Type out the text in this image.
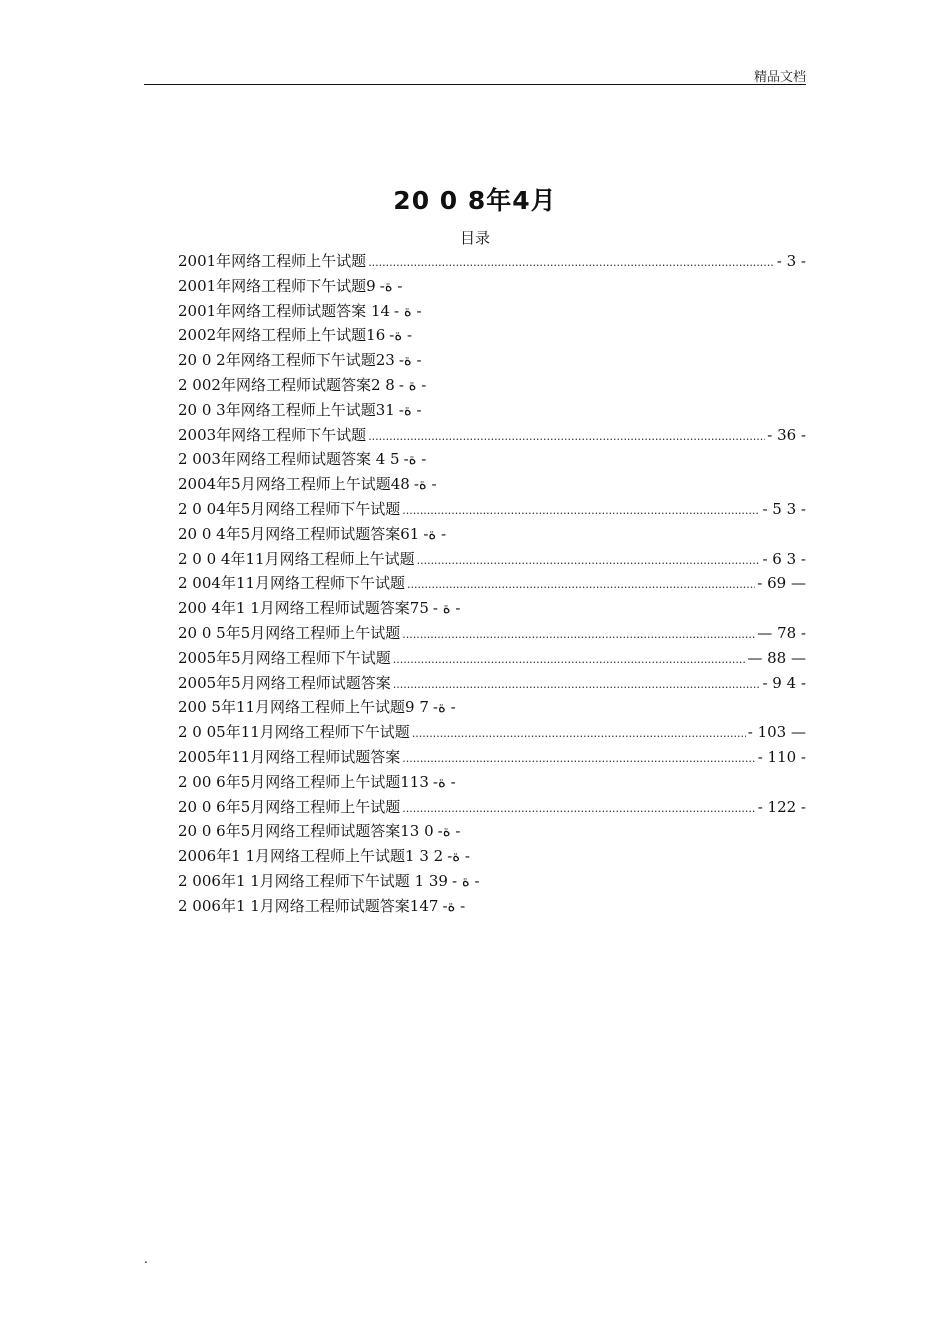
精品文档
20 0 8年4月
目录
2001年网络工程师上午试题 .....	- 3 -
2001年网络工程师下午试题9 -ة -
2001年网络工程师试题答案 14 - ة -
2002年网络工程师上午试题16 -ة -
20 0 2年网络工程师下午试题23 -ة -
2 002年网络工程师试题答案2 8 - ة -
20 0 3年网络工程师上午试题31 -ة -
2003年网络工程师下午试题 .....	- 36 -
2 003年网络工程师试题答案 4 5 -ة -
2004年5月网络工程师上午试题48 -ة -
2 0 04年5月网络工程师下午试题 .....	- 5 3 -
20 0 4年5月网络工程师试题答案61 -ة -
2 0 0 4年11月网络工程师上午试题 .....	- 6 3 -
2 004年11月网络工程师下午试题 .....	- 69 —
200 4年1 1月网络工程师试题答案75 - ة -
20 0 5年5月网络工程师上午试题 .....	— 78 -
2005年5月网络工程师下午试题 .....	— 88 —
2005年5月网络工程师试题答案 .....	- 9 4 -
200 5年11月网络工程师上午试题9 7 -ة -
2 0 05年11月网络工程师下午试题 .....	- 103 —
2005年11月网络工程师试题答案 .....	- 110 -
2 00 6年5月网络工程师上午试题113 -ة -
20 0 6年5月网络工程师上午试题 .....	- 122 -
20 0 6年5月网络工程师试题答案13 0 -ة -
2006年1 1月网络工程师上午试题1 3 2 -ة -
2 006年1 1月网络工程师下午试题 1 39 - ة -
2 006年1 1月网络工程师试题答案147 -ة -
.
